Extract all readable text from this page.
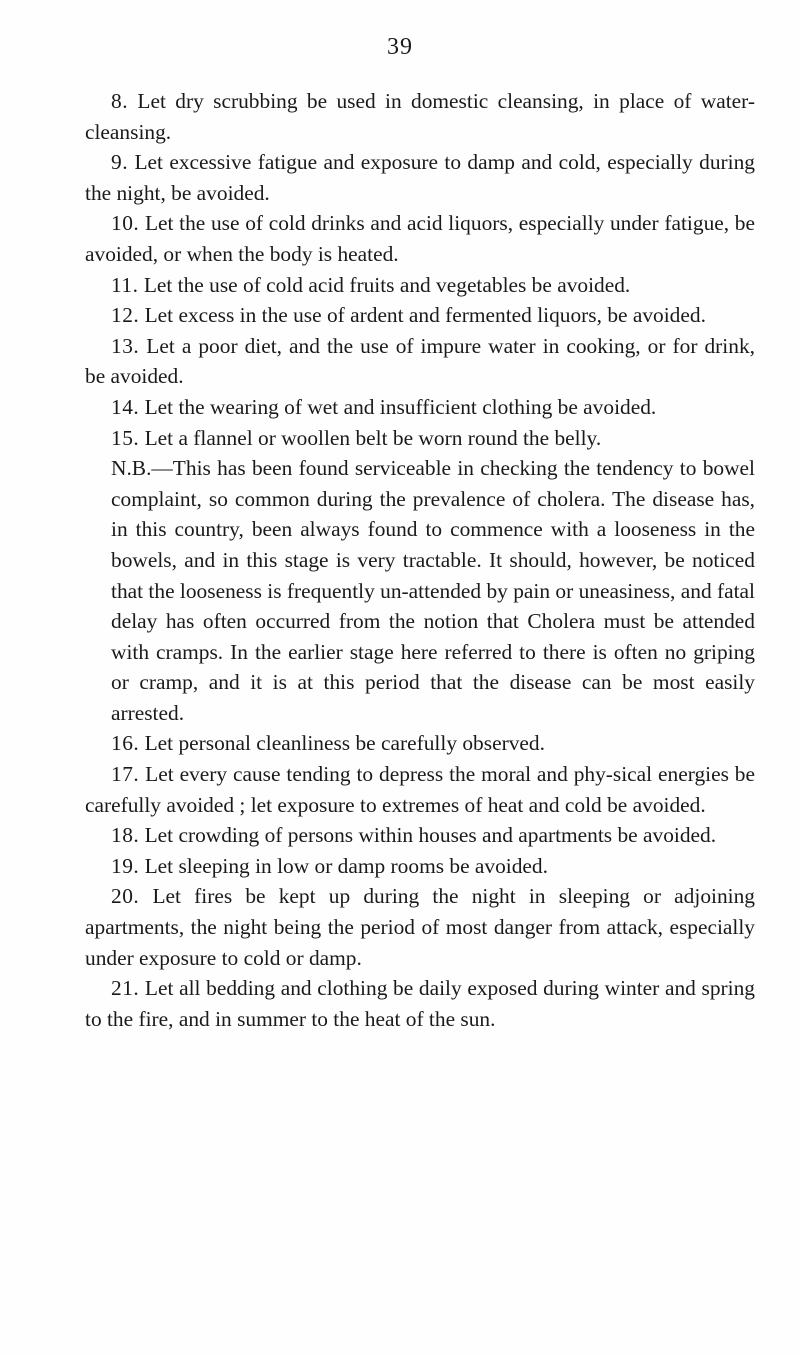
39

8. Let dry scrubbing be used in domestic cleansing, in place of water-cleansing.

9. Let excessive fatigue and exposure to damp and cold, especially during the night, be avoided.

10. Let the use of cold drinks and acid liquors, especially under fatigue, be avoided, or when the body is heated.

11. Let the use of cold acid fruits and vegetables be avoided.

12. Let excess in the use of ardent and fermented liquors, be avoided.

13. Let a poor diet, and the use of impure water in cooking, or for drink, be avoided.

14. Let the wearing of wet and insufficient clothing be avoided.

15. Let a flannel or woollen belt be worn round the belly.

N.B.—This has been found serviceable in checking the tendency to bowel complaint, so common during the prevalence of cholera. The disease has, in this country, been always found to commence with a looseness in the bowels, and in this stage is very tractable. It should, however, be noticed that the looseness is frequently un-attended by pain or uneasiness, and fatal delay has often occurred from the notion that Cholera must be attended with cramps. In the earlier stage here referred to there is often no griping or cramp, and it is at this period that the disease can be most easily arrested.

16. Let personal cleanliness be carefully observed.

17. Let every cause tending to depress the moral and phy-sical energies be carefully avoided ; let exposure to extremes of heat and cold be avoided.

18. Let crowding of persons within houses and apartments be avoided.

19. Let sleeping in low or damp rooms be avoided.

20. Let fires be kept up during the night in sleeping or adjoining apartments, the night being the period of most danger from attack, especially under exposure to cold or damp.

21. Let all bedding and clothing be daily exposed during winter and spring to the fire, and in summer to the heat of the sun.
